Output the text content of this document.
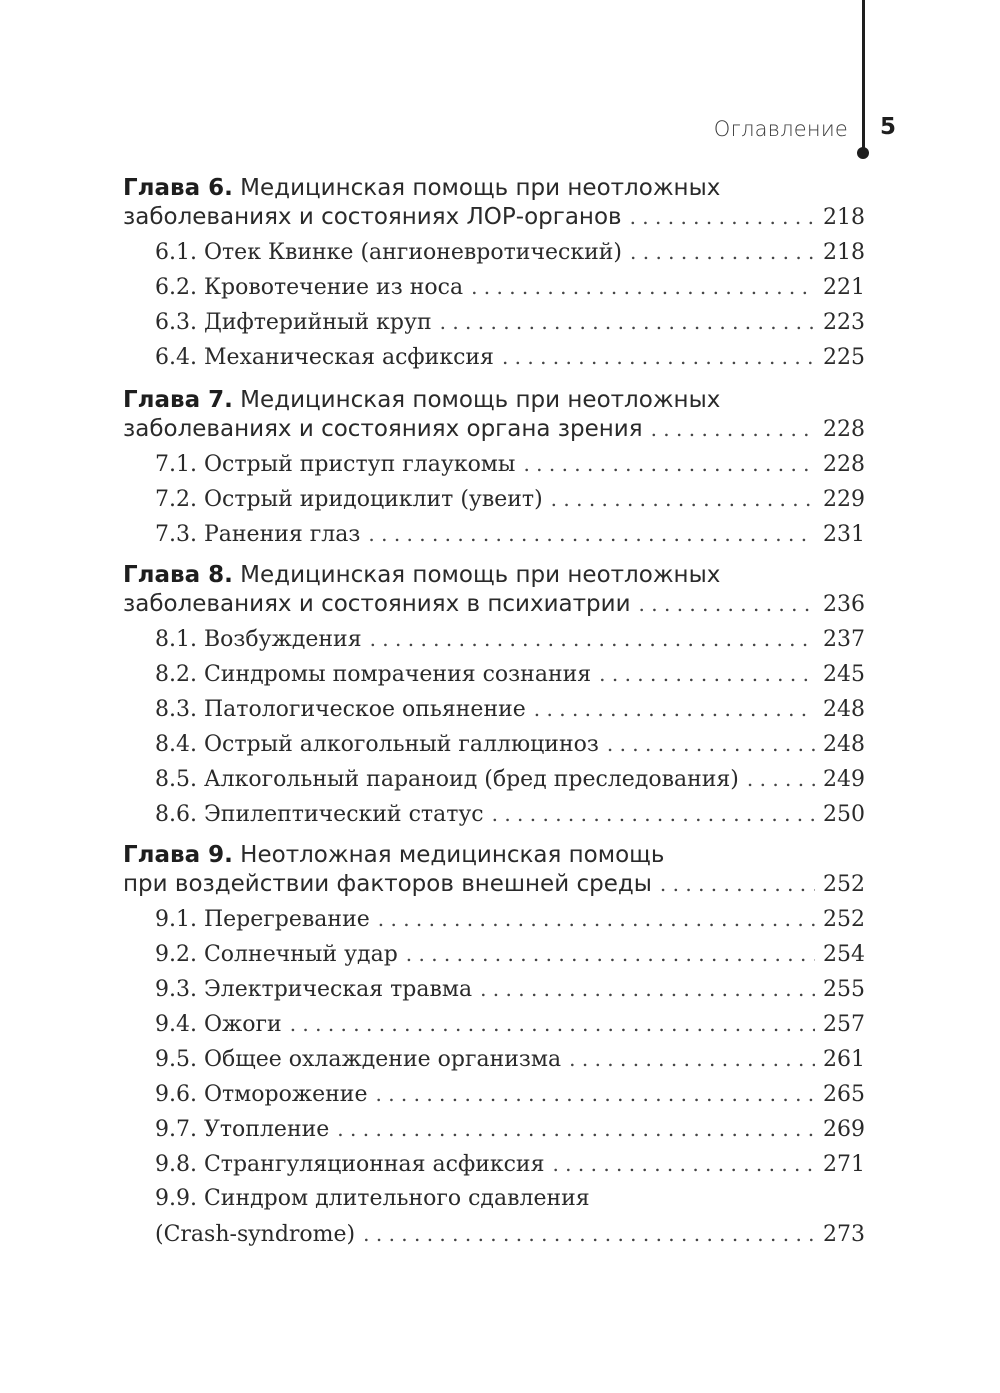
Оглавление 5
Глава 6. Медицинская помощь при неотложных
заболеваниях и состояниях ЛОР-органов . . .	218
6.1. Отек Квинке (ангионевротический) . . .	218
6.2. Кровотечение из носа . . .	221
6.3. Дифтерийный круп . . .	223
6.4. Механическая асфиксия . . .	225
Глава 7. Медицинская помощь при неотложных
заболеваниях и состояниях органа зрения . . .	228
7.1. Острый приступ глаукомы . . .	228
7.2. Острый иридоциклит (увеит) . . .	229
7.3. Ранения глаз . . .	231
Глава 8. Медицинская помощь при неотложных
заболеваниях и состояниях в психиатрии . . .	236
8.1. Возбуждения . . .	237
8.2. Синдромы помрачения сознания . . .	245
8.3. Патологическое опьянение . . .	248
8.4. Острый алкогольный галлюциноз . . .	248
8.5. Алкогольный параноид (бред преследования) . . .	249
8.6. Эпилептический статус . . .	250
Глава 9. Неотложная медицинская помощь
при воздействии факторов внешней среды . . .	252
9.1. Перегревание . . .	252
9.2. Солнечный удар . . .	254
9.3. Электрическая травма . . .	255
9.4. Ожоги . . .	257
9.5. Общее охлаждение организма . . .	261
9.6. Отморожение . . .	265
9.7. Утопление . . .	269
9.8. Странгуляционная асфиксия . . .	271
9.9. Синдром длительного сдавления
(Crash-syndrome) . . .	273
